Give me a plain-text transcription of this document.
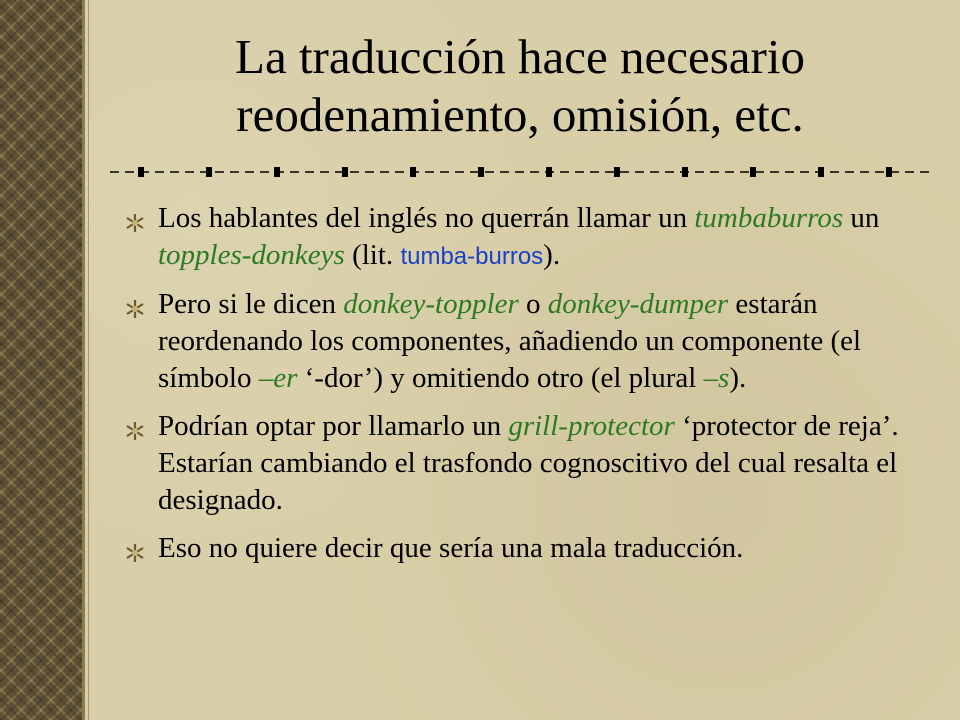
La traducción hace necesario
reodenamiento, omisión, etc.
Los hablantes del inglés no querrán llamar un tumbaburros un topples-donkeys (lit. tumba-burros).
Pero si le dicen donkey-toppler o donkey-dumper estarán reordenando los componentes, añadiendo un componente (el símbolo –er ‘-dor’) y omitiendo otro (el plural –s).
Podrían optar por llamarlo un grill-protector ‘protector de reja’. Estarían cambiando el trasfondo cognoscitivo del cual resalta el designado.
Eso no quiere decir que sería una mala traducción.
